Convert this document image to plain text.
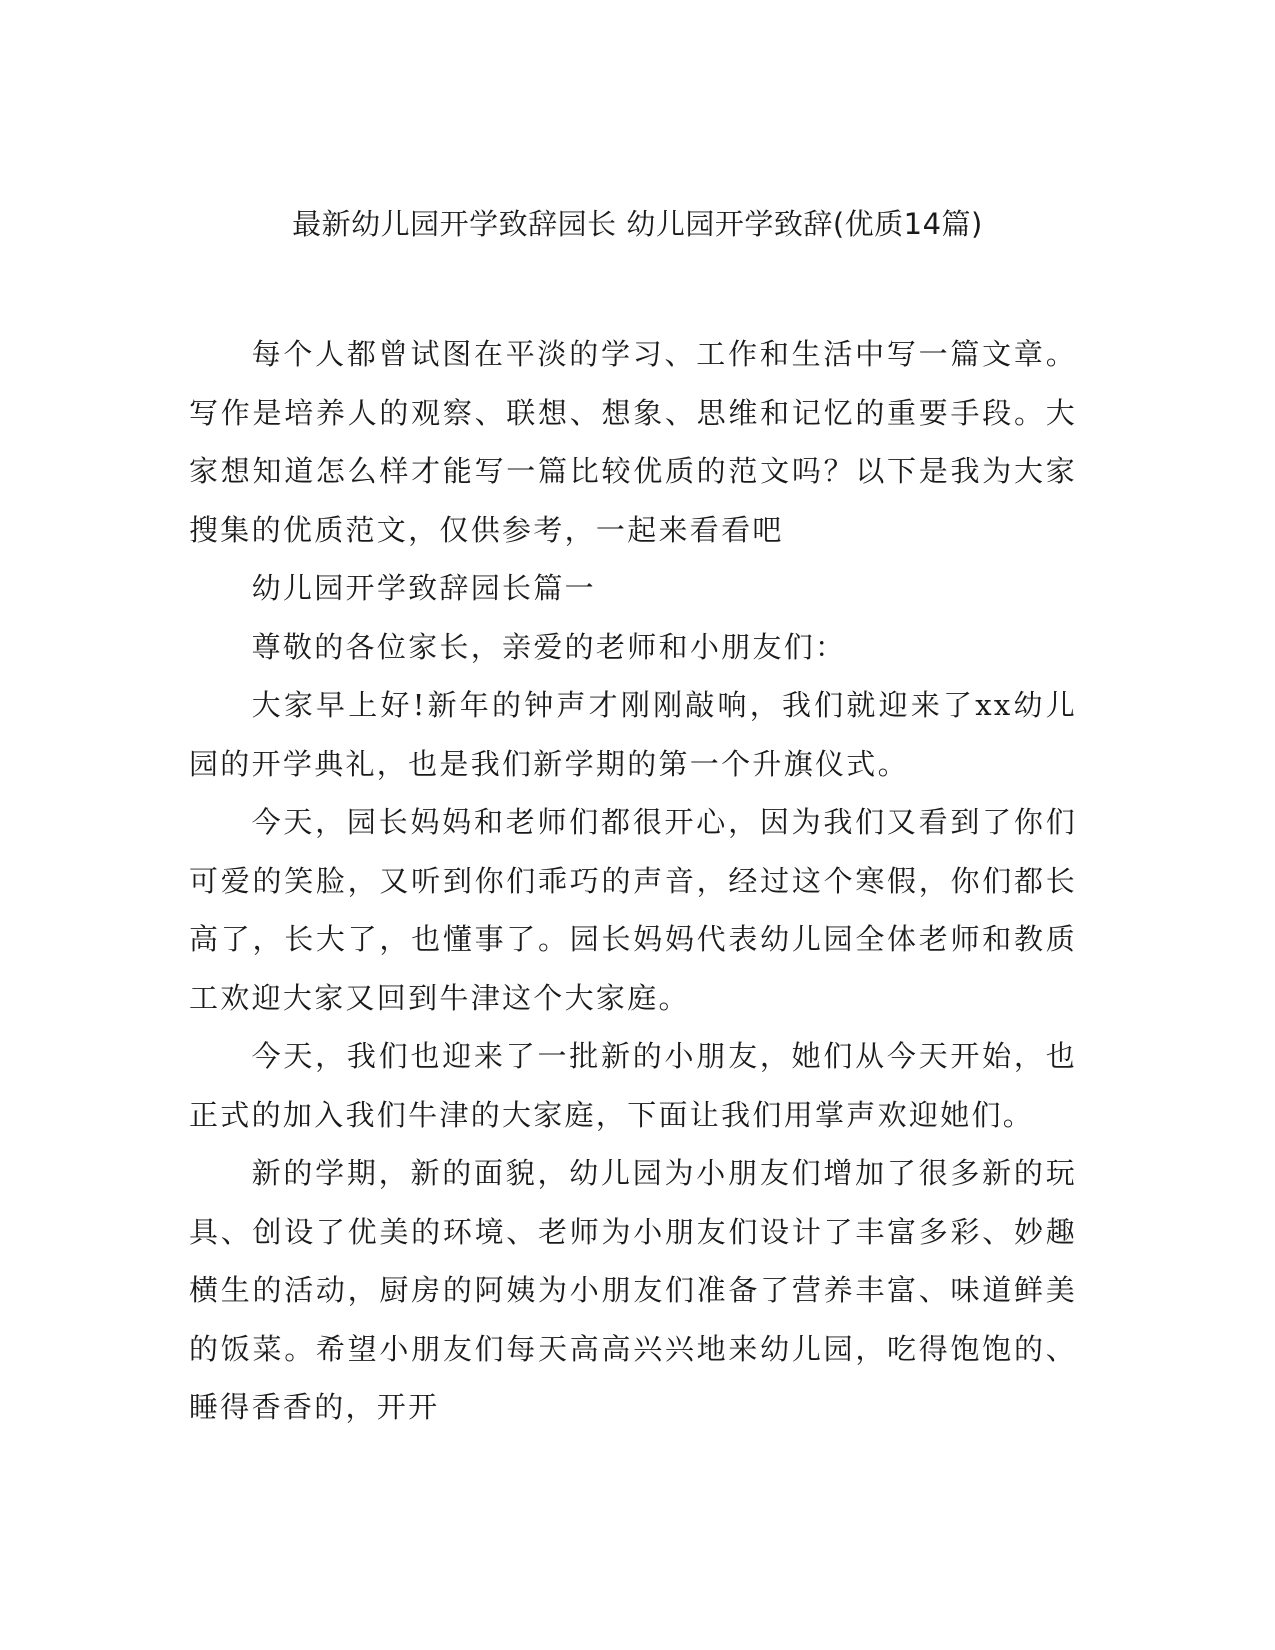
最新幼儿园开学致辞园长 幼儿园开学致辞(优质14篇)

每个人都曾试图在平淡的学习、工作和生活中写一篇文章。写作是培养人的观察、联想、想象、思维和记忆的重要手段。大家想知道怎么样才能写一篇比较优质的范文吗？以下是我为大家搜集的优质范文，仅供参考，一起来看看吧

幼儿园开学致辞园长篇一

尊敬的各位家长，亲爱的老师和小朋友们：

大家早上好!新年的钟声才刚刚敲响，我们就迎来了xx幼儿园的开学典礼，也是我们新学期的第一个升旗仪式。

今天，园长妈妈和老师们都很开心，因为我们又看到了你们可爱的笑脸，又听到你们乖巧的声音，经过这个寒假，你们都长高了，长大了，也懂事了。园长妈妈代表幼儿园全体老师和教质工欢迎大家又回到牛津这个大家庭。

今天，我们也迎来了一批新的小朋友，她们从今天开始，也正式的加入我们牛津的大家庭，下面让我们用掌声欢迎她们。

新的学期，新的面貌，幼儿园为小朋友们增加了很多新的玩具、创设了优美的环境、老师为小朋友们设计了丰富多彩、妙趣横生的活动，厨房的阿姨为小朋友们准备了营养丰富、味道鲜美的饭菜。希望小朋友们每天高高兴兴地来幼儿园，吃得饱饱的、睡得香香的，开开
